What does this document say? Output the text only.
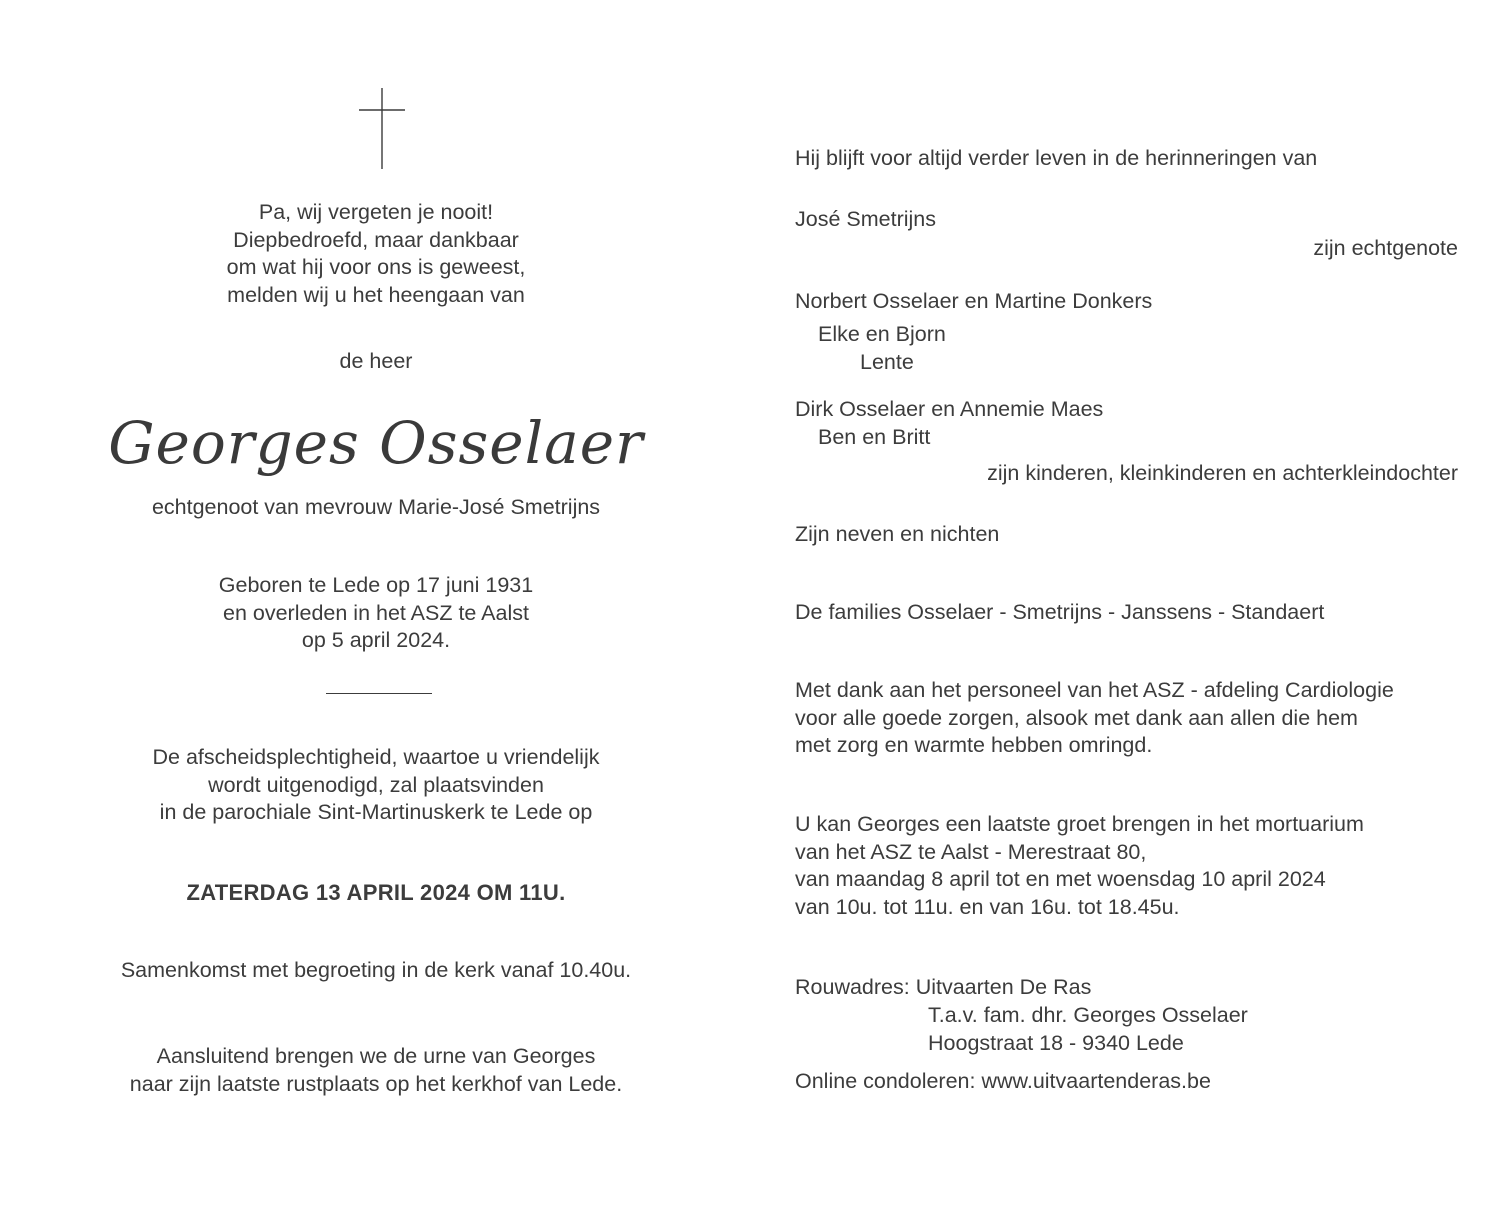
Pa, wij vergeten je nooit!
Diepbedroefd, maar dankbaar
om wat hij voor ons is geweest,
melden wij u het heengaan van
de heer
Georges Osselaer
echtgenoot van mevrouw Marie-José Smetrijns
Geboren te Lede op 17 juni 1931
en overleden in het ASZ te Aalst
op 5 april 2024.
De afscheidsplechtigheid, waartoe u vriendelijk
wordt uitgenodigd, zal plaatsvinden
in de parochiale Sint-Martinuskerk te Lede op
ZATERDAG 13 APRIL 2024 OM 11U.
Samenkomst met begroeting in de kerk vanaf 10.40u.
Aansluitend brengen we de urne van Georges
naar zijn laatste rustplaats op het kerkhof van Lede.
Hij blijft voor altijd verder leven in de herinneringen van
José Smetrijns
zijn echtgenote
Norbert Osselaer en Martine Donkers
Elke en Bjorn
Lente
Dirk Osselaer en Annemie Maes
Ben en Britt
zijn kinderen, kleinkinderen en achterkleindochter
Zijn neven en nichten
De families Osselaer - Smetrijns - Janssens - Standaert
Met dank aan het personeel van het ASZ - afdeling Cardiologie
voor alle goede zorgen, alsook met dank aan allen die hem
met zorg en warmte hebben omringd.
U kan Georges een laatste groet brengen in het mortuarium
van het ASZ te Aalst - Merestraat 80,
van maandag 8 april tot en met woensdag 10 april 2024
van 10u. tot 11u. en van 16u. tot 18.45u.
Rouwadres: Uitvaarten De Ras
T.a.v. fam. dhr. Georges Osselaer
Hoogstraat 18 - 9340 Lede
Online condoleren: www.uitvaartenderas.be
